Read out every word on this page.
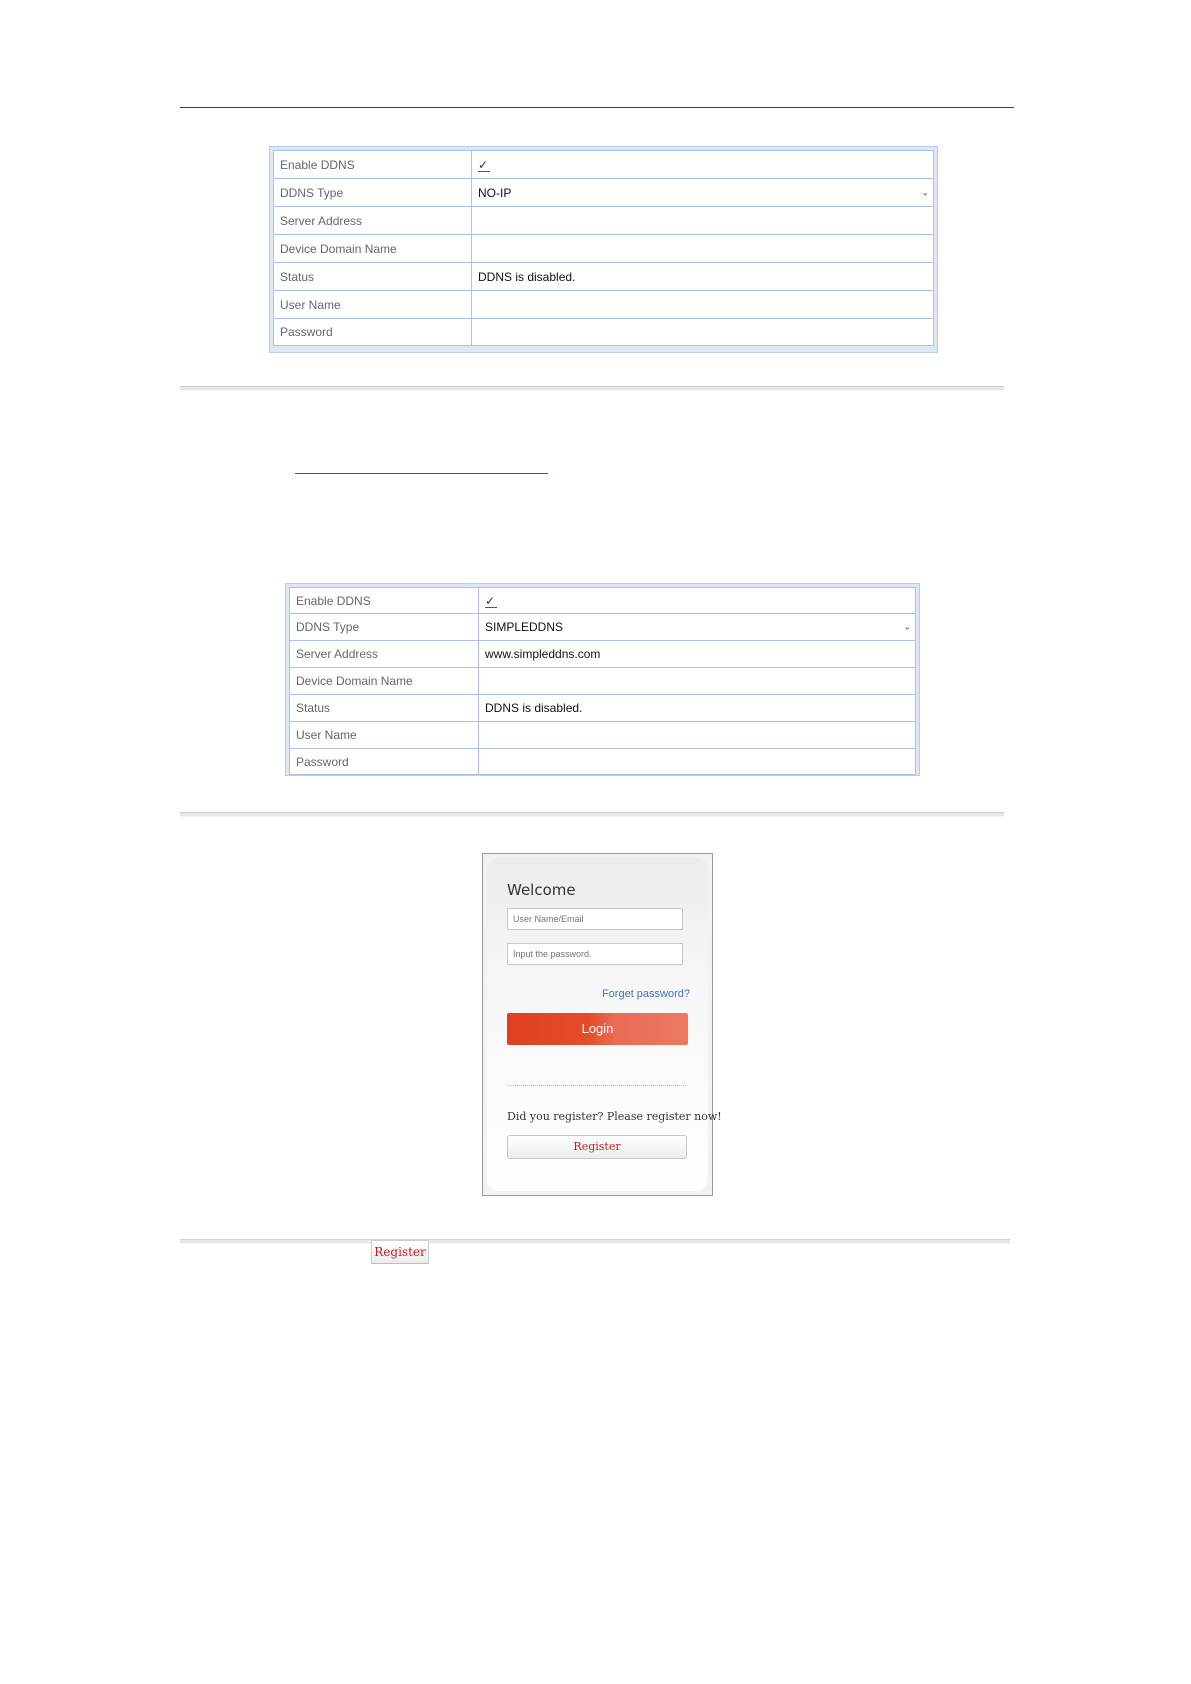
Enable DDNS	✓
DDNS Type	NO-IP ⌄

Server Address	
Device Domain Name	
Status	DDNS is disabled.
User Name	
Password	
Enable DDNS	✓
DDNS Type	SIMPLEDDNS ⌄

Server Address	www.simpleddns.com
Device Domain Name	
Status	DDNS is disabled.
User Name	
Password	
Welcome
User Name/Email
Forget password?
Login
Did you register? Please register now!
Register
Register
